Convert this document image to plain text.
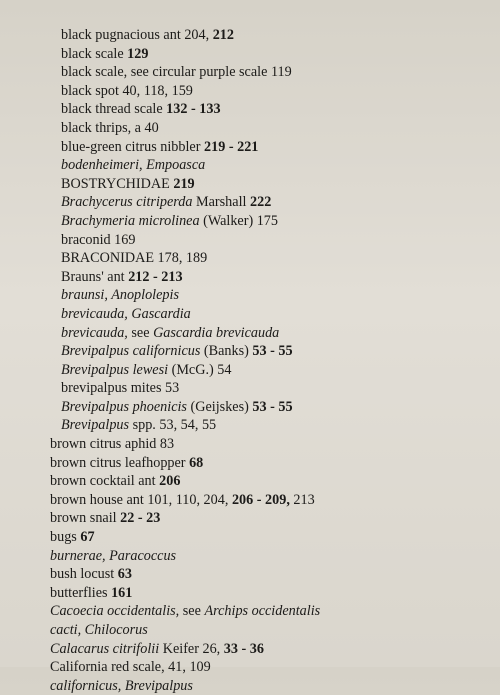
black pugnacious ant 204, 212
black scale 129
black scale, see circular purple scale 119
black spot 40, 118, 159
black thread scale 132 - 133
black thrips, a 40
blue-green citrus nibbler 219 - 221
bodenheimeri, Empoasca
BOSTRYCHIDAE 219
Brachycerus citriperda Marshall 222
Brachymeria microlinea (Walker) 175
braconid 169
BRACONIDAE 178, 189
Brauns' ant 212 - 213
braunsi, Anoplolepis
brevicauda, Gascardia
brevicauda, see Gascardia brevicauda
Brevipalpus californicus (Banks) 53 - 55
Brevipalpus lewesi (McG.) 54
brevipalpus mites 53
Brevipalpus phoenicis (Geijskes) 53 - 55
Brevipalpus spp. 53, 54, 55
brown citrus aphid 83
brown citrus leafhopper 68
brown cocktail ant 206
brown house ant 101, 110, 204, 206 - 209, 213
brown snail 22 - 23
bugs 67
burnerae, Paracoccus
bush locust 63
butterflies 161
Cacoecia occidentalis, see Archips occidentalis
cacti, Chilocorus
Calacarus citrifolii Keifer 26, 33 - 36
California red scale, 41, 109
californicus, Brevipalpus
